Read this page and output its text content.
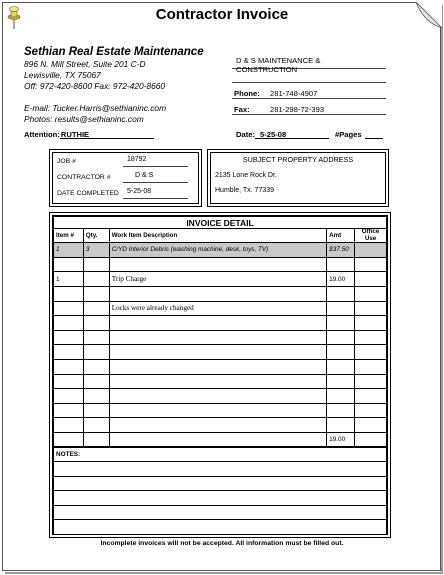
Contractor Invoice
Sethian Real Estate Maintenance
896 N. Mill Street, Suite 201 C-D
Lewisville, TX 75067
Off: 972-420-8600 Fax: 972-420-8660
E-mail: Tucker.Harris@sethianinc.com
Photos: results@sethianinc.com
D & S MAINTENANCE & CONSTRUCTION
Phone:	281-748-4907
Fax:	281-298-72-393
Attention: RUTHIE	Date: 5-25-08	#Pages
JOB #	18792
CONTRACTOR #	D & S
DATE COMPLETED	5-25-08
SUBJECT PROPERTY ADDRESS
2135 Lone Rock Dr.
Humble, Tx. 77339
INVOICE DETAIL				
Item #	Qty.	Work Item Description	Amt	Office Use
1	3	C/YD Interior Debris (washing machine, desk, toys, TV)	$37.50	

1		Trip Charge	19.00	

		Locks were already changed		

			19.00	
NOTES:				

Incomplete invoices will not be accepted. All information must be filled out.
